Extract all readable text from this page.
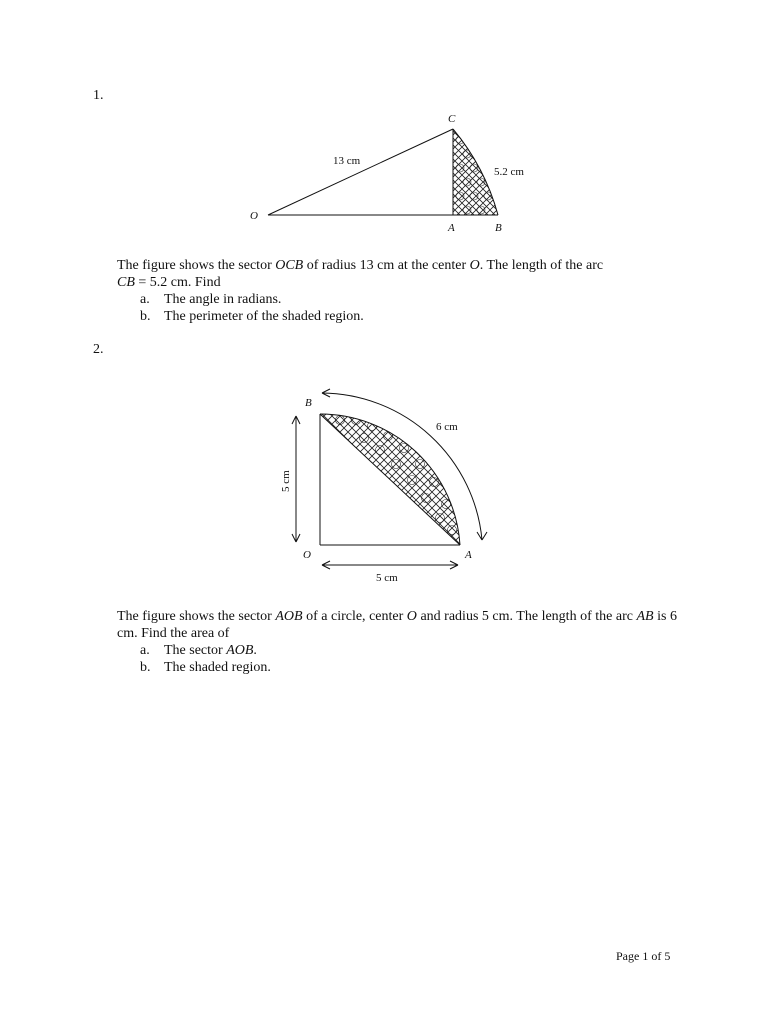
1.
O
C
A	B
13 cm
5.2 cm
The figure shows the sector OCB of radius 13 cm at the center O. The length of the arc
CB = 5.2 cm. Find
a. The angle in radians.
b. The perimeter of the shaded region.
2.
B
O	A
6 cm
5 cm
5 cm
The figure shows the sector AOB of a circle, center O and radius 5 cm. The length of the arc AB is 6 cm. Find the area of
a. The sector AOB.
b. The shaded region.
Page 1 of 5
